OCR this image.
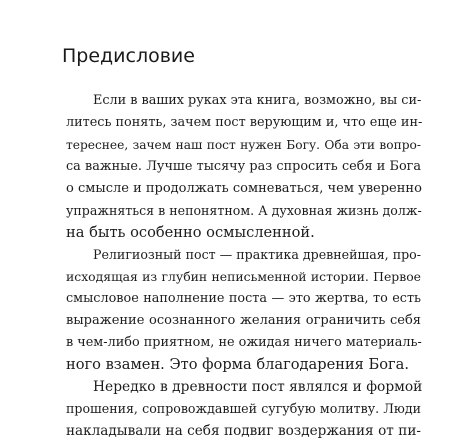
Предисловие
Если в ваших руках эта книга, возможно, вы си-
литесь понять, зачем пост верующим и, что еще ин-
тереснее, зачем наш пост нужен Богу. Оба эти вопро-
са важные. Лучше тысячу раз спросить себя и Бога
о смысле и продолжать сомневаться, чем уверенно
упражняться в непонятном. А духовная жизнь долж-
на быть особенно осмысленной.
Религиозный пост — практика древнейшая, про-
исходящая из глубин неписьменной истории. Первое
смысловое наполнение поста — это жертва, то есть
выражение осознанного желания ограничить себя
в чем-либо приятном, не ожидая ничего материаль-
ного взамен. Это форма благодарения Бога.
Нередко в древности пост являлся и формой
прошения, сопровождавшей сугубую молитву. Люди
накладывали на себя подвиг воздержания от пи-
